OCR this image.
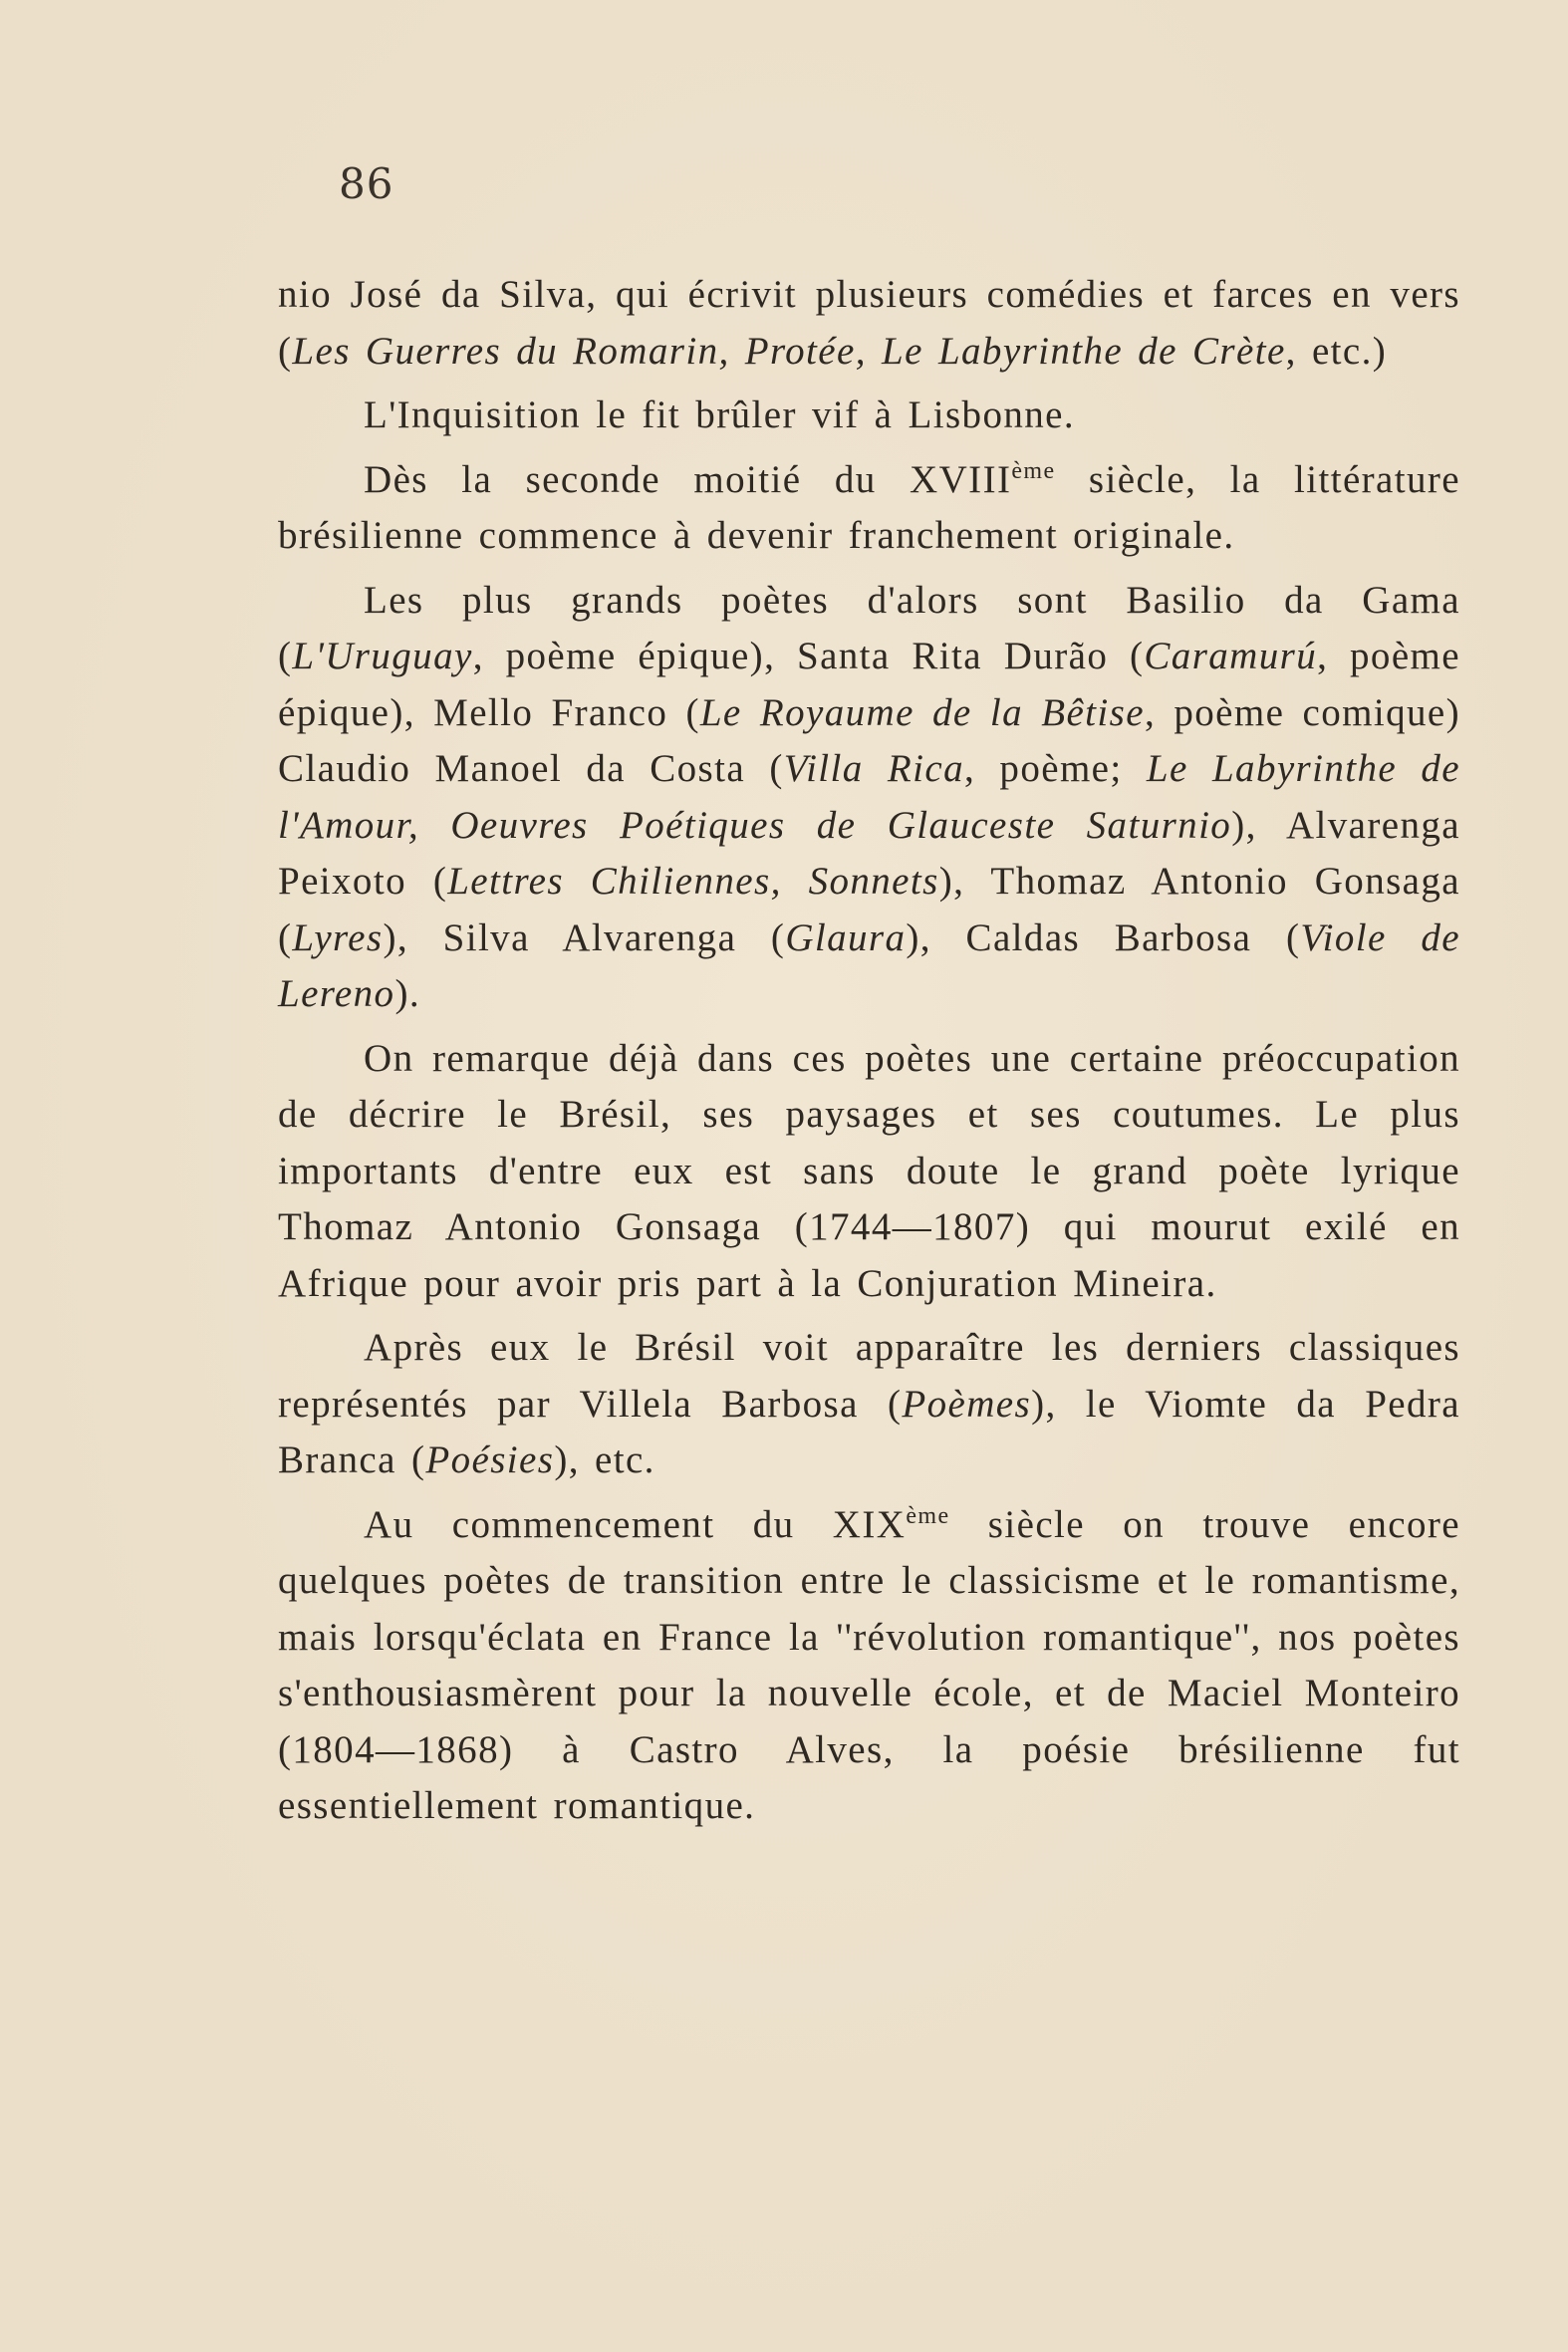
86

nio José da Silva, qui écrivit plusieurs comédies et farces en vers (Les Guerres du Romarin, Protée, Le Labyrinthe de Crète, etc.)

L'Inquisition le fit brûler vif à Lisbonne.

Dès la seconde moitié du XVIIIème siècle, la littérature brésilienne commence à devenir franchement originale.

Les plus grands poètes d'alors sont Basilio da Gama (L'Uruguay, poème épique), Santa Rita Durão (Caramurú, poème épique), Mello Franco (Le Royaume de la Bêtise, poème comique) Claudio Manoel da Costa (Villa Rica, poème; Le Labyrinthe de l'Amour, Oeuvres Poétiques de Glauceste Saturnio), Alvarenga Peixoto (Lettres Chiliennes, Sonnets), Thomaz Antonio Gonsaga (Lyres), Silva Alvarenga (Glaura), Caldas Barbosa (Viole de Lereno).

On remarque déjà dans ces poètes une certaine préoccupation de décrire le Brésil, ses paysages et ses coutumes. Le plus importants d'entre eux est sans doute le grand poète lyrique Thomaz Antonio Gonsaga (1744—1807) qui mourut exilé en Afrique pour avoir pris part à la Conjuration Mineira.

Après eux le Brésil voit apparaître les derniers classiques représentés par Villela Barbosa (Poèmes), le Viomte da Pedra Branca (Poésies), etc.

Au commencement du XIXème siècle on trouve encore quelques poètes de transition entre le classicisme et le romantisme, mais lorsqu'éclata en France la ''révolution romantique'', nos poètes s'enthousiasmèrent pour la nouvelle école, et de Maciel Monteiro (1804—1868) à Castro Alves, la poésie brésilienne fut essentiellement romantique.
